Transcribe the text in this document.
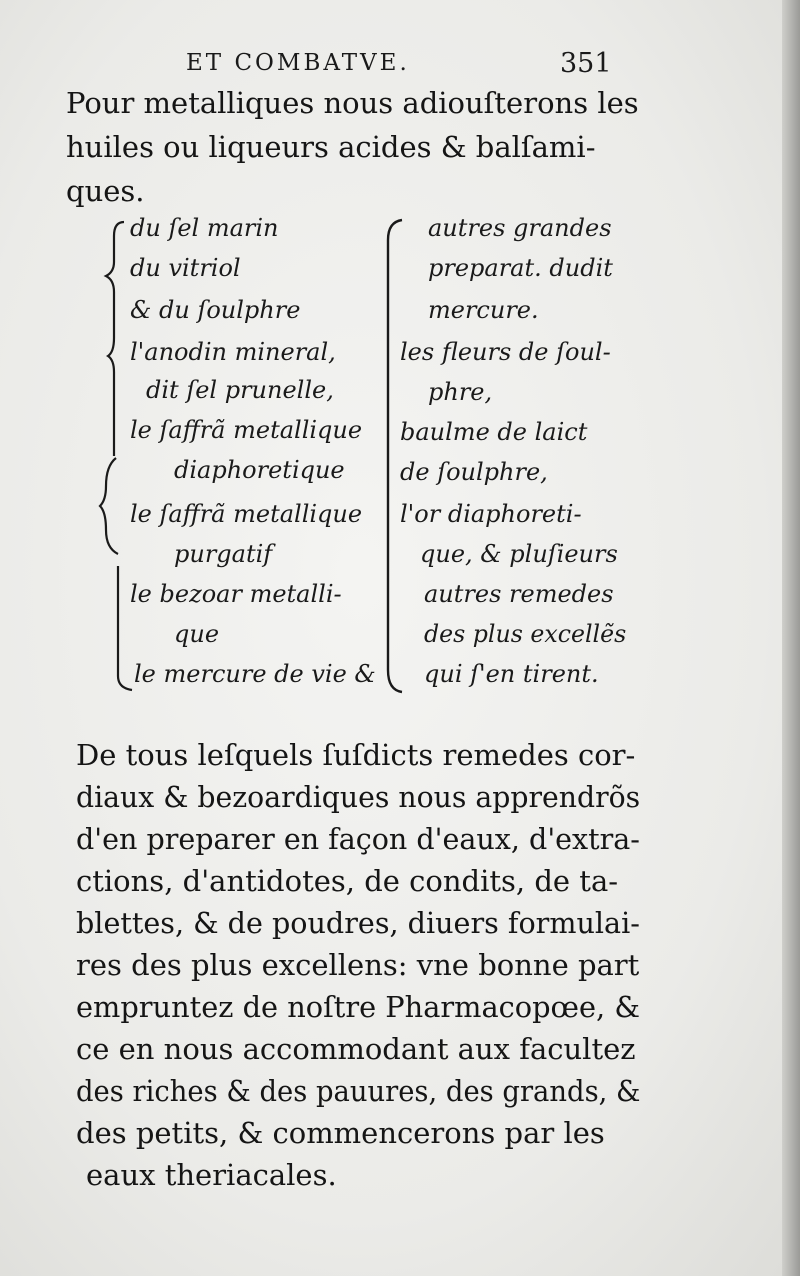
ET COMBATVE.	351
Pour metalliques nous adiouſterons les
huiles ou liqueurs acides & balſami-
ques.
du ſel marin
du vitriol
& du ſoulphre
l'anodin mineral,
dit ſel prunelle,
le ſaffrã metallique
diaphoretique
le ſaffrã metallique
purgatif
le bezoar metalli-
que
le mercure de vie &
autres grandes
preparat. dudit
mercure.
les fleurs de ſoul-
phre,
baulme de laict
de ſoulphre,
l'or diaphoreti-
que, & pluſieurs
autres remedes
des plus excellẽs
qui ſ'en tirent.
De tous leſquels ſuſdicts remedes cor-
diaux & bezoardiques nous apprendrõs
d'en preparer en façon d'eaux, d'extra-
ctions, d'antidotes, de condits, de ta-
blettes, & de poudres, diuers formulai-
res des plus excellens: vne bonne part
empruntez de noſtre Pharmacopœe, &
ce en nous accommodant aux facultez
des riches & des pauures, des grands, &
des petits, & commencerons par les
eaux theriacales.
